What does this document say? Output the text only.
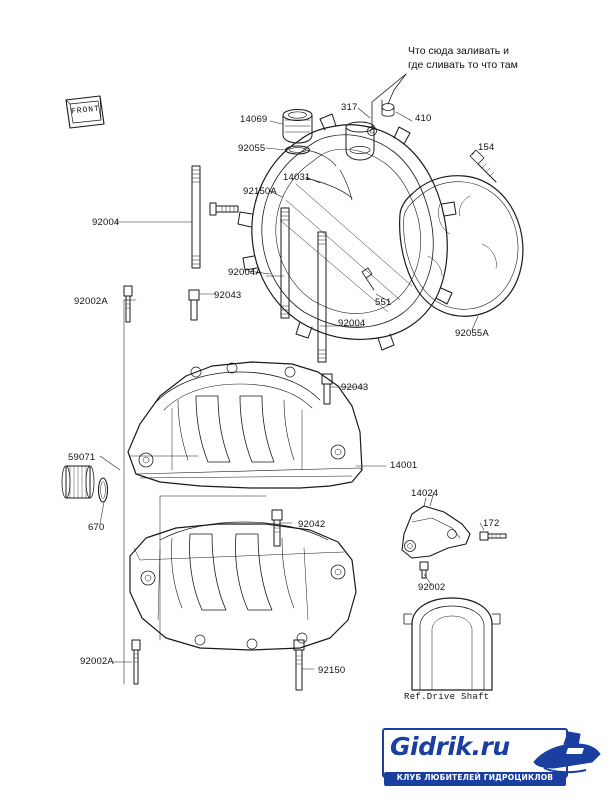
Что сюда заливать и
где сливать то что там
FRONT
14069
92055
14031
317
410
154
92150A
92004
92004A
551
92055A
92002A
92043
92004
92043
14001
59071
670	92042
14024
172
92002
92002A
92150
Ref.Drive Shaft
Gidrik.ru
КЛУБ ЛЮБИТЕЛЕЙ ГИДРОЦИКЛОВ
